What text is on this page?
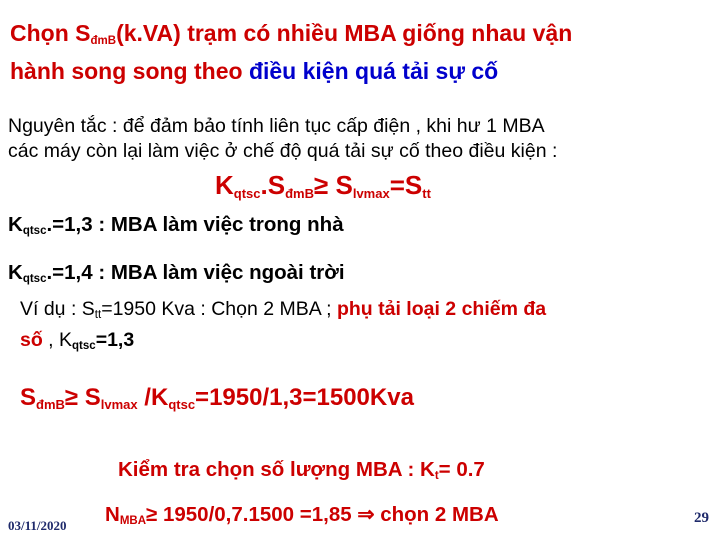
Chọn $S_{đmB}(k.VA)$ trạm có nhiều MBA giống nhau vận
hành song song theo điều kiện quá tải sự cố
Nguyên tắc : để đảm bảo tính liên tục cấp điện , khi hư 1 MBA
các máy còn lại làm việc ở chế độ quá tải sự cố theo điều kiện :
Kqtsc.SđmB≥ Slvmax=Stt
$K_{qtsc}.=1,3$ : MBA làm việc trong nhà
$K_{qtsc}.=1,4$ : MBA làm việc ngoài trời
Ví dụ : $S_{tt}=1950$ Kva : Chọn 2 MBA ; phụ tải loại 2 chiếm đa
số , $K_{qtsc}=1,3$
SđmB≥ Slvmax /Kqtsc=1950/1,3=1500Kva
Kiểm tra chọn số lượng MBA : $K_t= 0.7$
$N_{MBA}\ge 1950/0,7.1500 =1,85$ ⇒ chọn 2 MBA
03/11/2020	29
